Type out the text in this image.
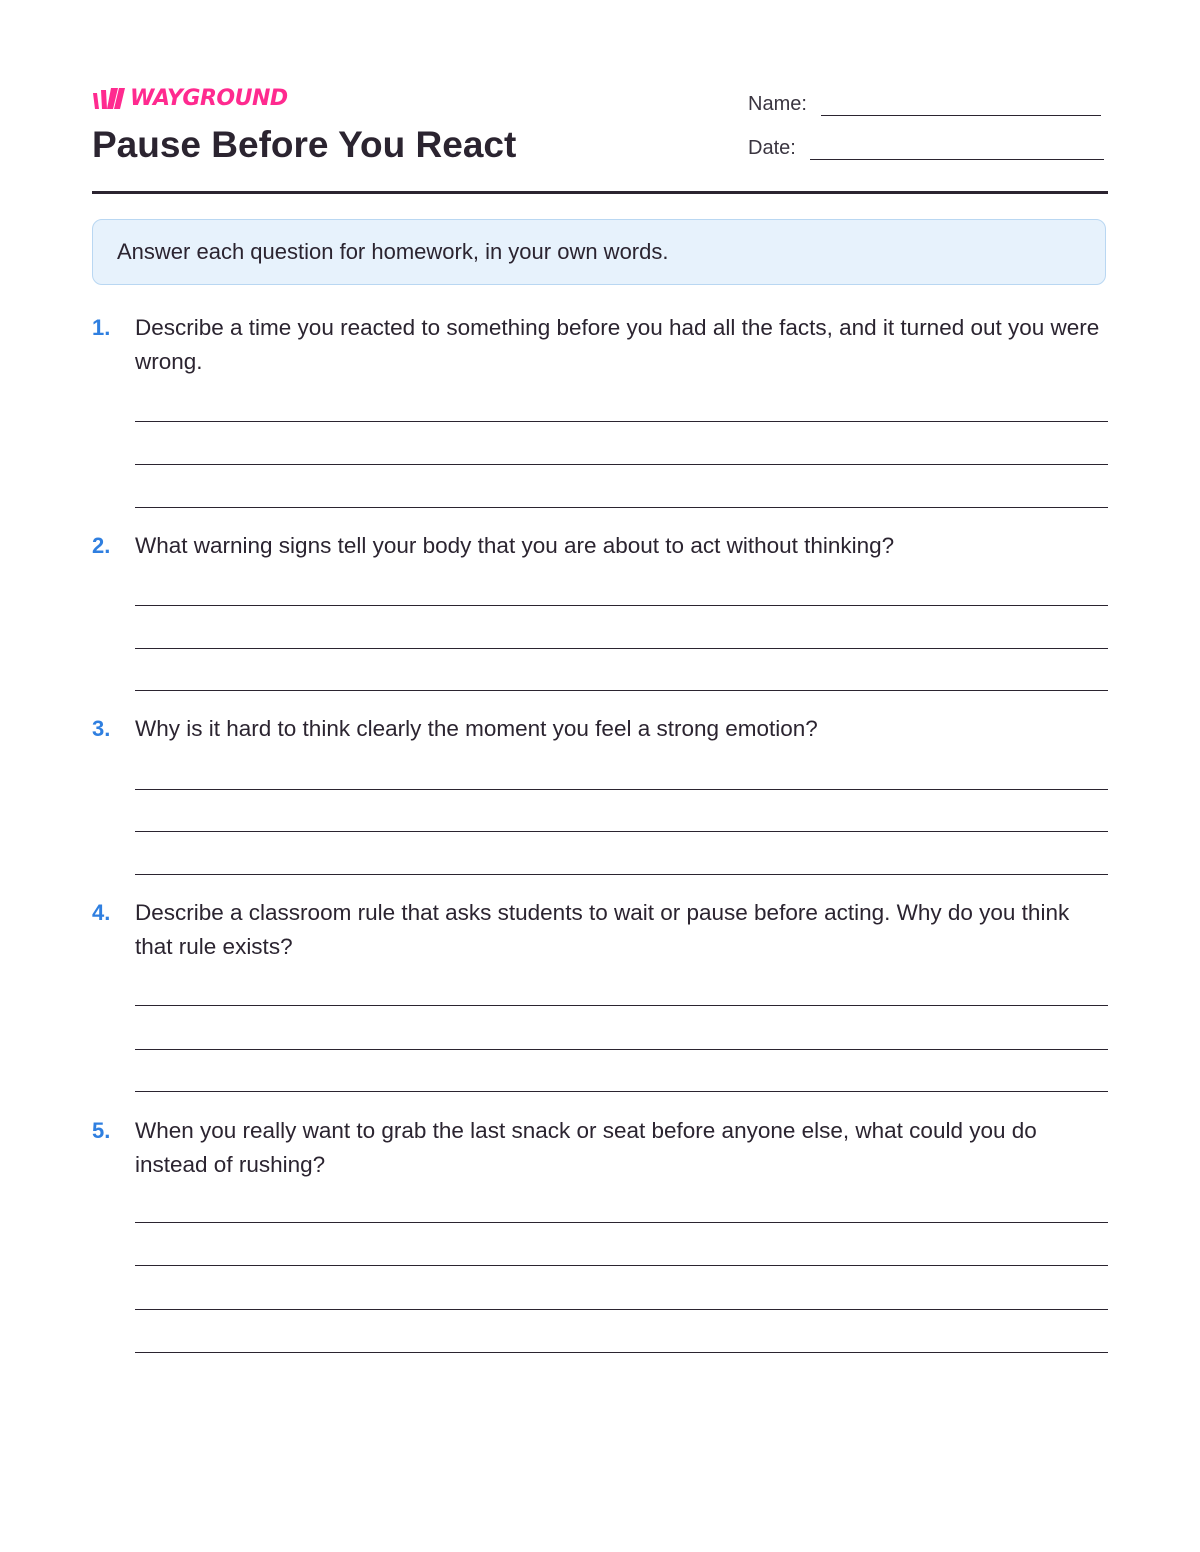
WAYGROUND
Pause Before You React
Name:
Date:
Answer each question for homework, in your own words.
1. Describe a time you reacted to something before you had all the facts, and it turned out you were wrong.

2. What warning signs tell your body that you are about to act without thinking?

3. Why is it hard to think clearly the moment you feel a strong emotion?

4. Describe a classroom rule that asks students to wait or pause before acting. Why do you think that rule exists?

5. When you really want to grab the last snack or seat before anyone else, what could you do instead of rushing?
